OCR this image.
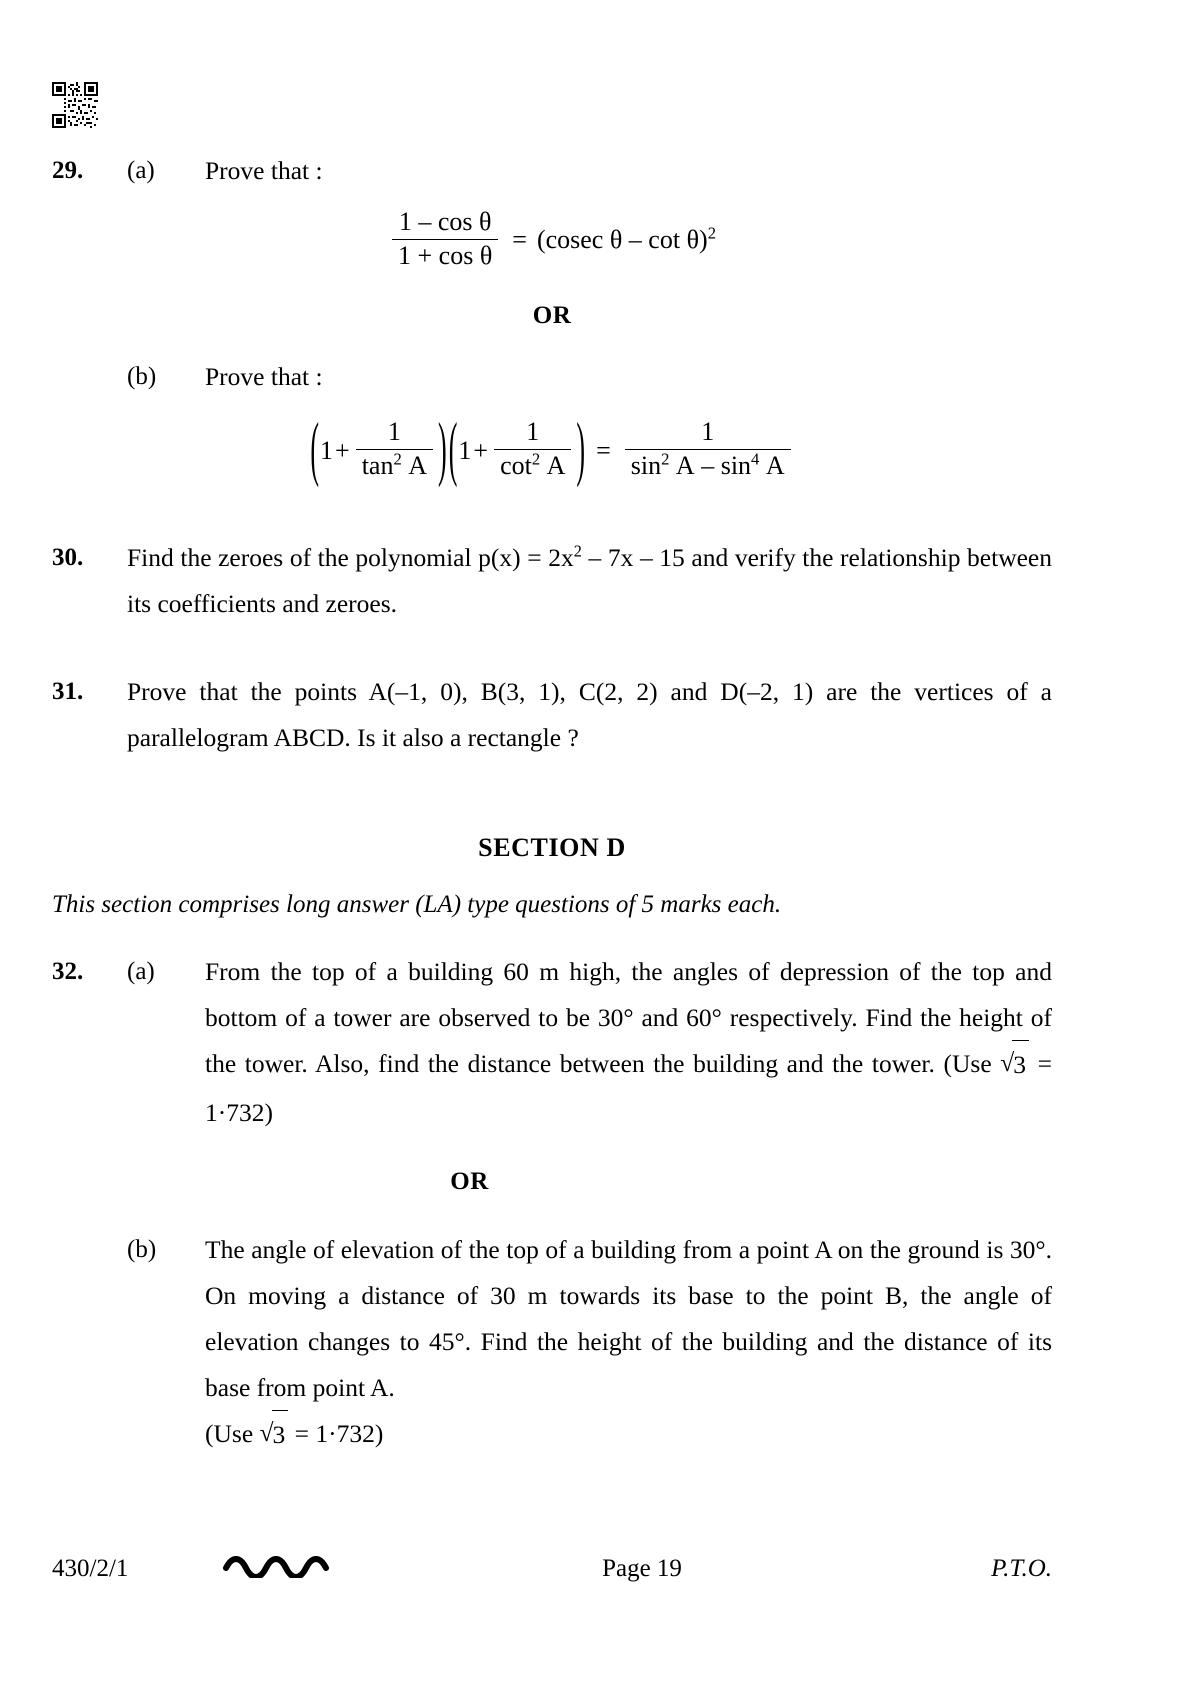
29.	(a)	Prove that :
$\frac{\text{1 – cos θ}}{\text{1 + cos θ}} = (cosec$ θ – cot θ)$^2$
OR
(b)	Prove that :
( $1 + \frac{1}{\tan^2 A}$ ) ( $1 + \frac{1}{\cot^2 A}$ ) = $\frac{1}{\sin^2 A - \sin^4 A}$
30.	Find the zeroes of the polynomial $p(x) = 2x^2 - 7x - 15$ and verify the relationship between its coefficients and zeroes.
31.	Prove that the points A(–1, 0), B(3, 1), C(2, 2) and D(–2, 1) are the vertices of a parallelogram ABCD. Is it also a rectangle ?
SECTION D
This section comprises long answer (LA) type questions of 5 marks each.
32.	(a)	From the top of a building 60 m high, the angles of depression of the top and bottom of a tower are observed to be 30° and 60° respectively. Find the height of the tower. Also, find the distance between the building and the tower. (Use √ 3 = 1·732)
OR
(b)	The angle of elevation of the top of a building from a point A on the ground is 30°. On moving a distance of 30 m towards its base to the point B, the angle of elevation changes to 45°. Find the height of the building and the distance of its base from point A.
(Use √ 3 = 1·732)
430/2/1	Page 19	P.T.O.
